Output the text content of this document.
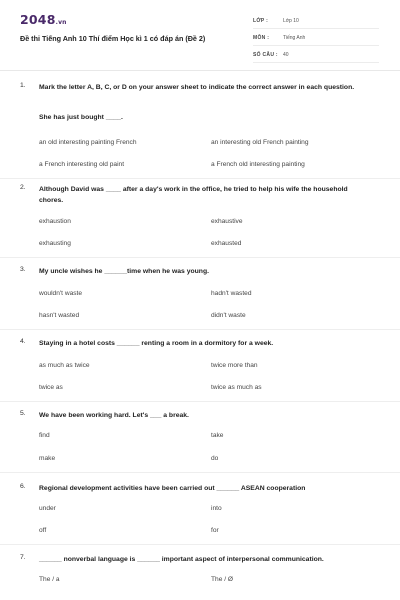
2048.vn
Đề thi Tiếng Anh 10 Thí điểm Học kì 1 có đáp án (Đề 2)
LỚP :	Lớp 10
MÔN :	Tiếng Anh
SỐ CÂU :	40
1. Mark the letter A, B, C, or D on your answer sheet to indicate the correct answer in each question.
She has just bought ____.
an old interesting painting French	an interesting old French painting
a French interesting old paint	a French old interesting painting
2. Although David was ____ after a day's work in the office, he tried to help his wife the household chores.
exhaustion	exhaustive
exhausting	exhausted
3. My uncle wishes he ______time when he was young.
wouldn't waste	hadn't wasted
hasn't wasted	didn't waste
4. Staying in a hotel costs ______ renting a room in a dormitory for a week.
as much as twice	twice more than
twice as	twice as much as
5. We have been working hard. Let's ___ a break.
find	take
make	do
6. Regional development activities have been carried out ______ ASEAN cooperation
under	into
off	for
7. ______ nonverbal language is ______ important aspect of interpersonal communication.
The / a	The / Ø
